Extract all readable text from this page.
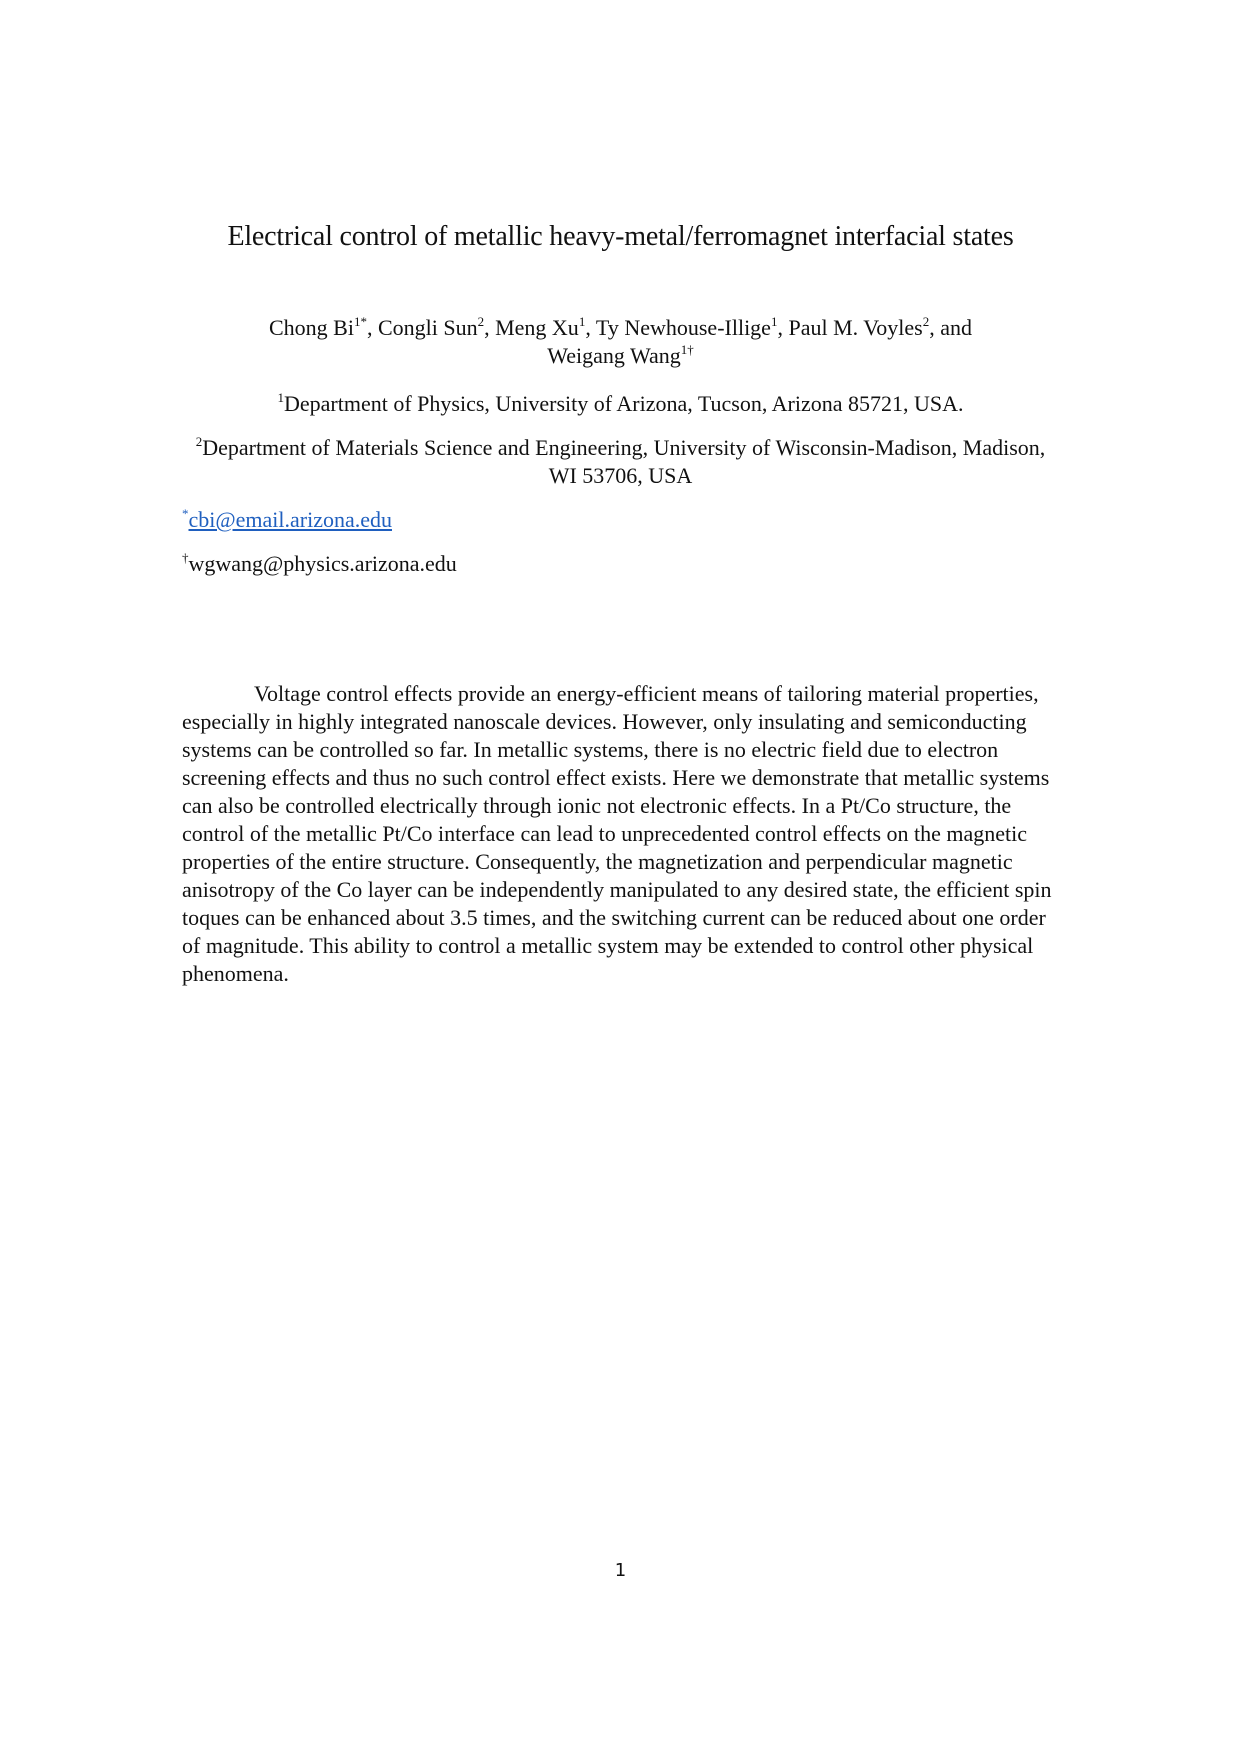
Electrical control of metallic heavy-metal/ferromagnet interfacial states
Chong $Bi^{1*}$, Congli Sun$^2$, Meng Xu$^1$, Ty Newhouse-Illige$^1$, Paul M. Voyles$^2$, and
Weigang Wang$^{1\dagger}$
$^1$Department of Physics, University of Arizona, Tucson, Arizona 85721, USA.
$^2$Department of Materials Science and Engineering, University of Wisconsin-Madison, Madison, WI 53706, USA
*cbi@email.arizona.edu
†wgwang@physics.arizona.edu
Voltage control effects provide an energy-efficient means of tailoring material properties, especially in highly integrated nanoscale devices. However, only insulating and semiconducting systems can be controlled so far. In metallic systems, there is no electric field due to electron screening effects and thus no such control effect exists. Here we demonstrate that metallic systems can also be controlled electrically through ionic not electronic effects. In a Pt/Co structure, the control of the metallic Pt/Co interface can lead to unprecedented control effects on the magnetic properties of the entire structure. Consequently, the magnetization and perpendicular magnetic anisotropy of the Co layer can be independently manipulated to any desired state, the efficient spin toques can be enhanced about 3.5 times, and the switching current can be reduced about one order of magnitude. This ability to control a metallic system may be extended to control other physical phenomena.
1
